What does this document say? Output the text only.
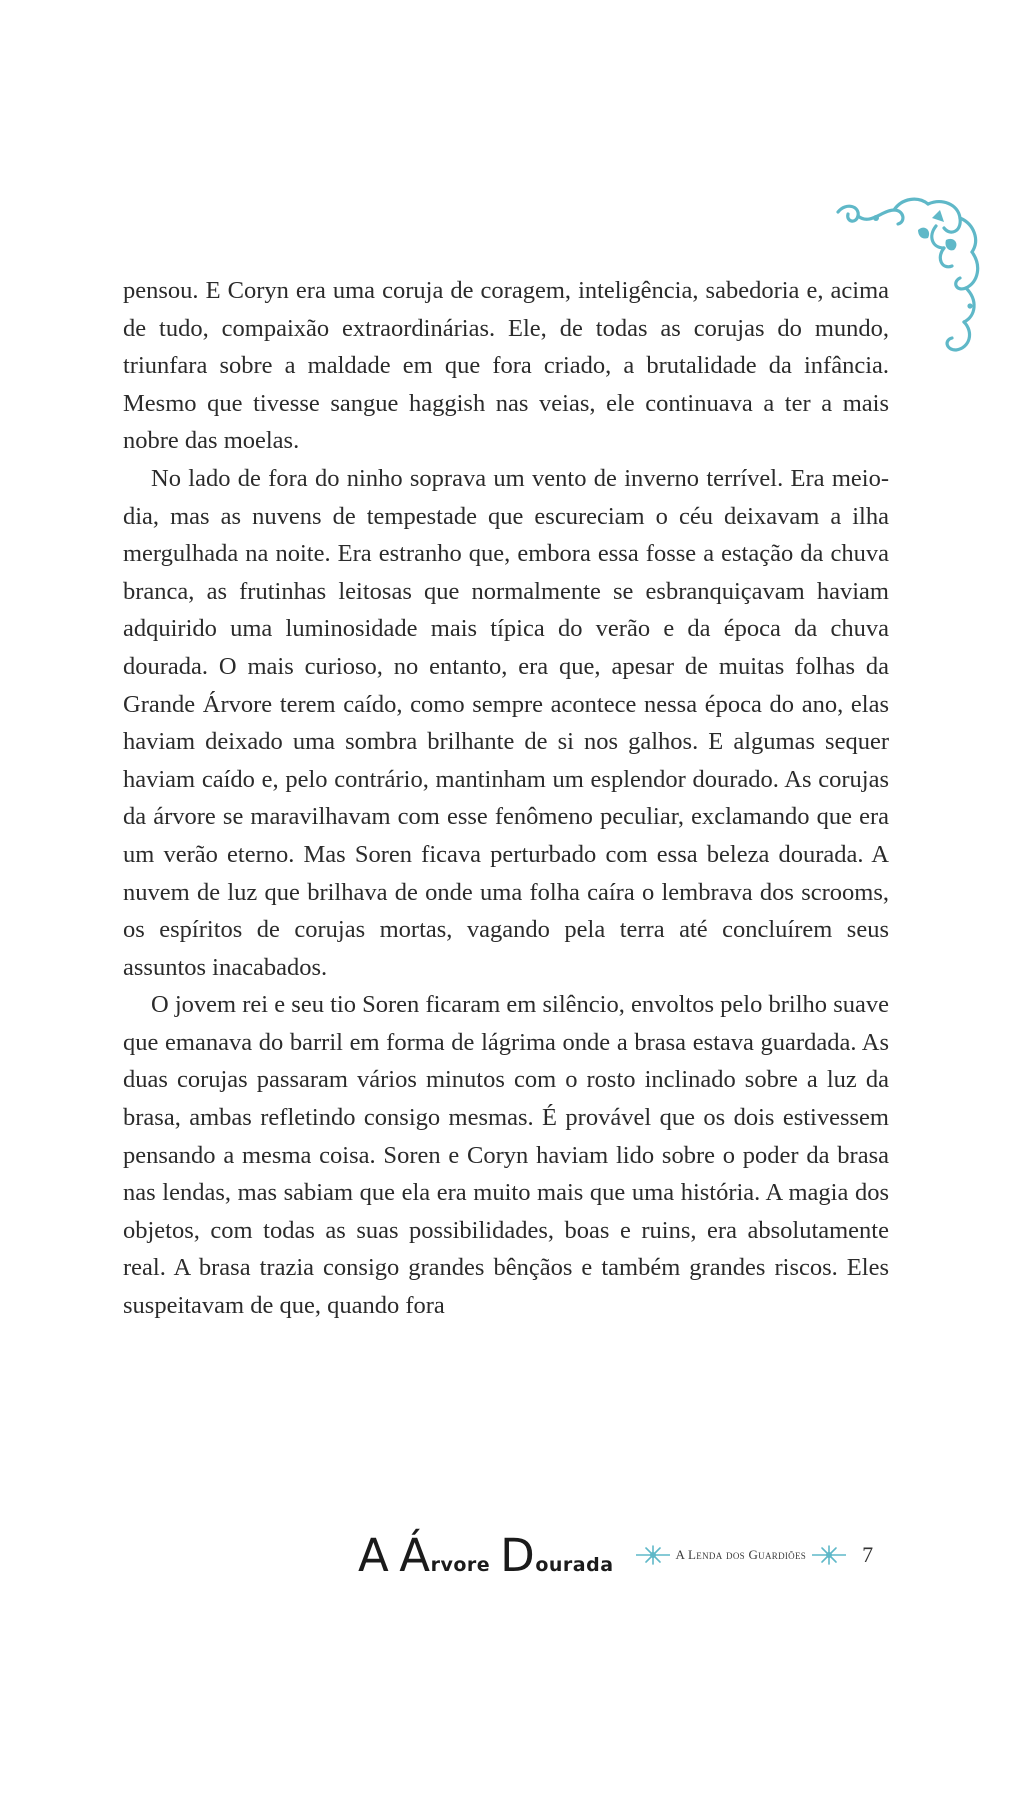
pensou. E Coryn era uma coruja de coragem, inteligência, sabedoria e, acima de tudo, compaixão extraordinárias. Ele, de todas as corujas do mundo, triunfara sobre a maldade em que fora criado, a brutalidade da infância. Mesmo que tivesse sangue haggish nas veias, ele continuava a ter a mais nobre das moelas.

No lado de fora do ninho soprava um vento de inverno terrível. Era meio-dia, mas as nuvens de tempestade que escureciam o céu deixavam a ilha mergulhada na noite. Era estranho que, embora essa fosse a estação da chuva branca, as frutinhas leitosas que normalmente se esbranquiçavam haviam adquirido uma luminosidade mais típica do verão e da época da chuva dourada. O mais curioso, no entanto, era que, apesar de muitas folhas da Grande Árvore terem caído, como sempre acontece nessa época do ano, elas haviam deixado uma sombra brilhante de si nos galhos. E algumas sequer haviam caído e, pelo contrário, mantinham um esplendor dourado. As corujas da árvore se maravilhavam com esse fenômeno peculiar, exclamando que era um verão eterno. Mas Soren ficava perturbado com essa beleza dourada. A nuvem de luz que brilhava de onde uma folha caíra o lembrava dos scrooms, os espíritos de corujas mortas, vagando pela terra até concluírem seus assuntos inacabados.

O jovem rei e seu tio Soren ficaram em silêncio, envoltos pelo brilho suave que emanava do barril em forma de lágrima onde a brasa estava guardada. As duas corujas passaram vários minutos com o rosto inclinado sobre a luz da brasa, ambas refletindo consigo mesmas. É provável que os dois estivessem pensando a mesma coisa. Soren e Coryn haviam lido sobre o poder da brasa nas lendas, mas sabiam que ela era muito mais que uma história. A magia dos objetos, com todas as suas possibilidades, boas e ruins, era absolutamente real. A brasa trazia consigo grandes bênçãos e também grandes riscos. Eles suspeitavam de que, quando fora

A Árvore Dourada	A Lenda dos Guardiões	7
